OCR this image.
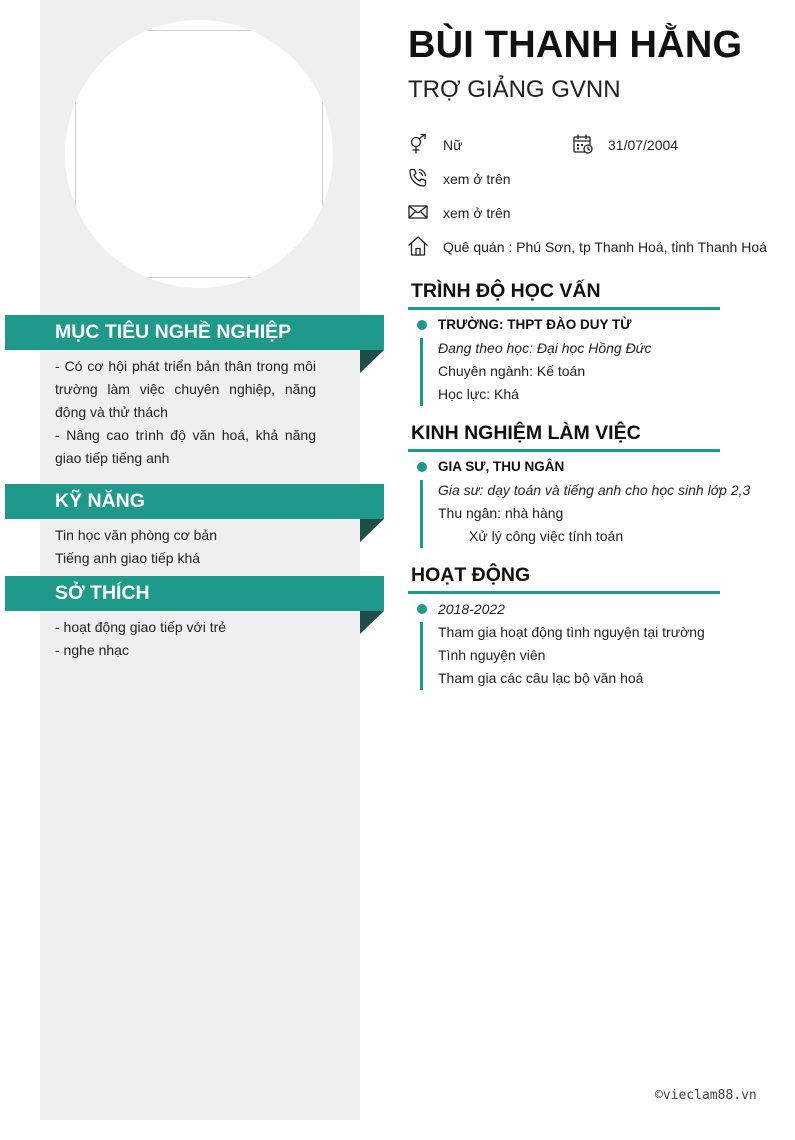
MỤC TIÊU NGHỀ NGHIỆP
- Có cơ hội phát triển bản thân trong môi
trường làm việc chuyên nghiệp, năng
động và thử thách
- Nâng cao trình độ văn hoá, khả năng
giao tiếp tiếng anh
KỸ NĂNG
Tin học văn phòng cơ bản
Tiếng anh giao tiếp khá
SỞ THÍCH
- hoạt động giao tiếp với trẻ
- nghe nhạc
BÙI THANH HẰNG
TRỢ GIẢNG GVNN
Nữ	31/07/2004
xem ở trên
xem ở trên
Quê quán : Phú Sơn, tp Thanh Hoá, tỉnh Thanh Hoá
TRÌNH ĐỘ HỌC VẤN
TRƯỜNG: THPT ĐÀO DUY TỪ
Đang theo học: Đại học Hồng Đức
Chuyên ngành: Kế toán
Học lực: Khá
KINH NGHIỆM LÀM VIỆC
GIA SƯ, THU NGÂN
Gia sư: dạy toán và tiếng anh cho học sinh lớp 2,3
Thu ngân: nhà hàng
Xử lý công việc tính toán
HOẠT ĐỘNG
2018-2022
Tham gia hoạt động tình nguyện tại trường
Tình nguyện viên
Tham gia các câu lạc bộ văn hoá
©vieclam88.vn
